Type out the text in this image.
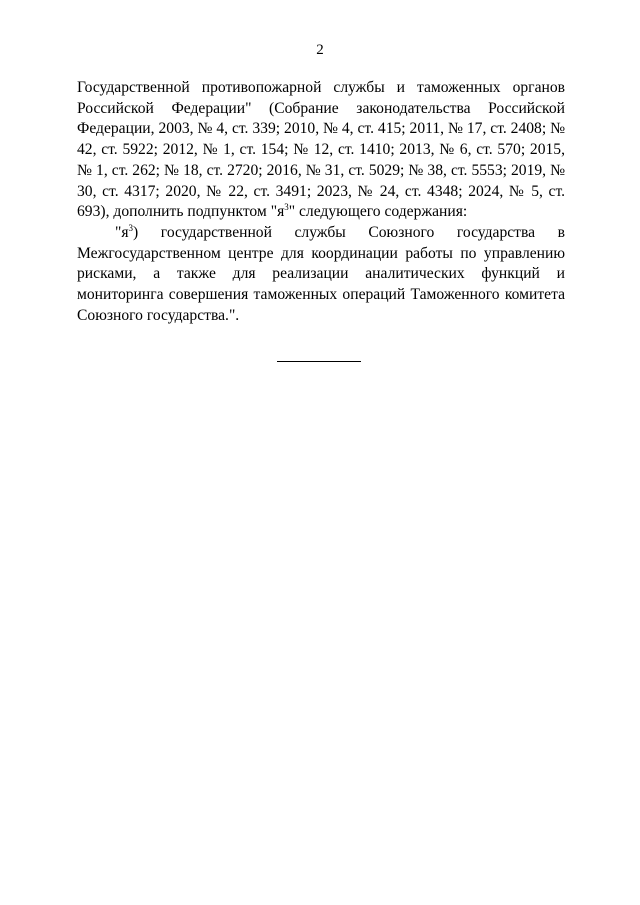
2

Государственной противопожарной службы и таможенных органов Российской Федерации" (Собрание законодательства Российской Федерации, 2003, № 4, ст. 339; 2010, № 4, ст. 415; 2011, № 17, ст. 2408; № 42, ст. 5922; 2012, № 1, ст. 154; № 12, ст. 1410; 2013, № 6, ст. 570; 2015, № 1, ст. 262; № 18, ст. 2720; 2016, № 31, ст. 5029; № 38, ст. 5553; 2019, № 30, ст. 4317; 2020, № 22, ст. 3491; 2023, № 24, ст. 4348; 2024, № 5, ст. 693), дополнить подпунктом "$я^3$" следующего содержания:

"$я^3$) государственной службы Союзного государства в Межгосударственном центре для координации работы по управлению рисками, а также для реализации аналитических функций и мониторинга совершения таможенных операций Таможенного комитета Союзного государства.".
